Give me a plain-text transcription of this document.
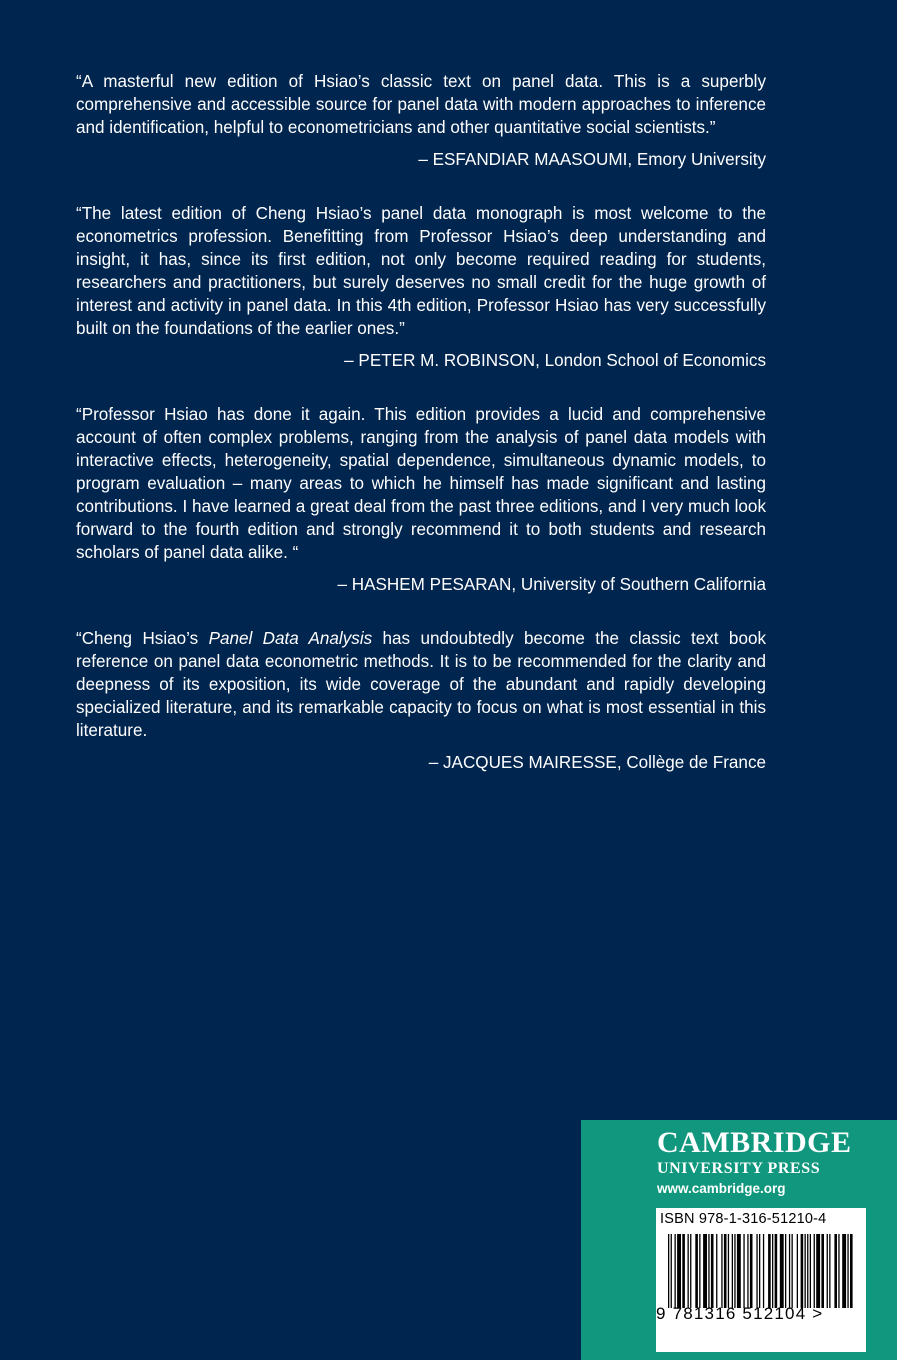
“A masterful new edition of Hsiao’s classic text on panel data. This is a superbly comprehensive and accessible source for panel data with modern approaches to inference and identification, helpful to econometricians and other quantitative social scientists.”

– ESFANDIAR MAASOUMI, Emory University

“The latest edition of Cheng Hsiao’s panel data monograph is most welcome to the econometrics profession. Benefitting from Professor Hsiao’s deep understanding and insight, it has, since its first edition, not only become required reading for students, researchers and practitioners, but surely deserves no small credit for the huge growth of interest and activity in panel data. In this 4th edition, Professor Hsiao has very successfully built on the foundations of the earlier ones.”

– PETER M. ROBINSON, London School of Economics

“Professor Hsiao has done it again. This edition provides a lucid and comprehensive account of often complex problems, ranging from the analysis of panel data models with interactive effects, heterogeneity, spatial dependence, simultaneous dynamic models, to program evaluation – many areas to which he himself has made significant and lasting contributions. I have learned a great deal from the past three editions, and I very much look forward to the fourth edition and strongly recommend it to both students and research scholars of panel data alike. “

– HASHEM PESARAN, University of Southern California

“Cheng Hsiao’s Panel Data Analysis has undoubtedly become the classic text book reference on panel data econometric methods. It is to be recommended for the clarity and deepness of its exposition, its wide coverage of the abundant and rapidly developing specialized literature, and its remarkable capacity to focus on what is most essential in this literature.

– JACQUES MAIRESSE, Collège de France
CAMBRIDGE
UNIVERSITY PRESS
www.cambridge.org
ISBN 978-1-316-51210-4
9 781316 512104 >
